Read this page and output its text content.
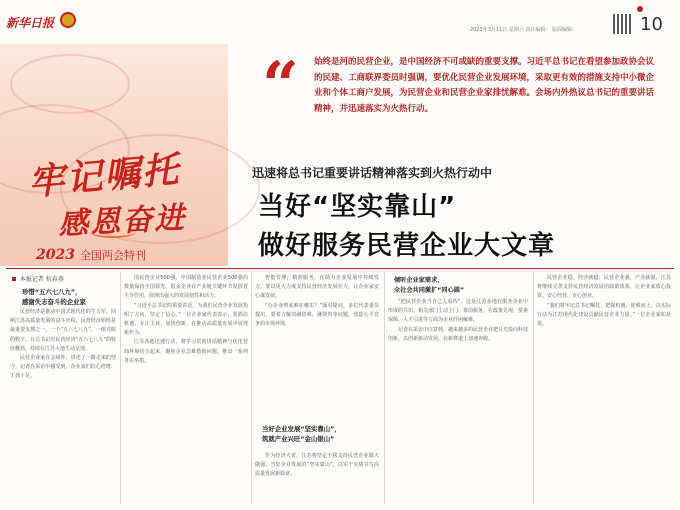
新华日报	2023年3月11日 星期六 责任编辑： 版面编辑：	10
牢记嘱托
感恩奋进
2023 全国两会特刊
“ 始终是河的民营企业，是中国经济不可或缺的重要支撑。习近平总书记在看望参加政协会议的民建、工商联界委员时强调，要优化民营企业发展环境，采取更有效的措施支持中小微企业和个体工商户发展，为民营企业和民营企业家排忧解难。会场内外热议总书记的重要讲话精神，并迅速落实为火热行动。
迅速将总书记重要讲话精神落实到火热行动中
当好“坚实靠山”
做好服务民营企业大文章
本报记者 杭春燕
珍惜“五六七八九”，
感谢失志奋斗的企业家
民营经济是推动中国式现代化的生力军。回顾江苏高质量发展的奋斗历程，民营经济始终是最重要支撑之一。一个“五六七八九”，一组亮眼的数字，让总书记对民营经济“五六七八九”的特征概括，持续在江苏大地生动呈现。
民营企业家在会场外，讲述了一路走来的坚守。记者在采访中感受到，企业家们信心倍增、干劲十足。
国民营企业500强，中国制造业民营企业500强的数量保持全国领先，很多企业在产业链关键环节发挥着主导作用，展现出强大的发展韧性和活力。
“习近平总书记的重要讲话，为我们民营企业发展指明了方向，坚定了信心。”一位企业家代表表示，要抓住机遇，专注主业，加快创新，在推动高质量发展中展现新作为。
江苏各地迅速行动，将学习贯彻讲话精神与优化营商环境结合起来，聚焦企业急难愁盼问题，推出一系列务实举措。
智能管理，精准服务，在助力企业发展中持续发力。要以更大力度支持民营经济发展壮大，让企业家安心谋发展。
“办企业到底难在哪里？”面对提问，多位代表委员提出，要着力解决融资难、融资贵等问题，营造公平竞争的市场环境。
当好企业发展“坚实靠山”，
筑就产业兴旺“金山银山”
作为经济大省，江苏将坚定不移支持民营企业做大做强，当好企业发展的“坚实靠山”，以实干实绩书写高质量发展新篇章。
倾听企业家需求，
全社会共同激扩“同心圆”
“把民营企业当自己人看待”，这是江苏多地在服务企业中形成的共识。相关部门主动上门、靠前服务，在政策兑现、要素保障、人才引进等方面为企业纾困解难。
记者在采访中注意到，越来越多的民营企业把目光投向科技创新，以创新驱动发展，在新赛道上加速奔跑。
民营企业稳，经济就稳；民营企业强，产业就强。江苏将继续完善支持民营经济发展的政策体系，让企业家放心投资、安心经营、专心创业。
“我们将牢记总书记嘱托，把握机遇、迎难而上，以实际行动为江苏现代化建设贡献民营企业力量。”一位企业家如是说。
